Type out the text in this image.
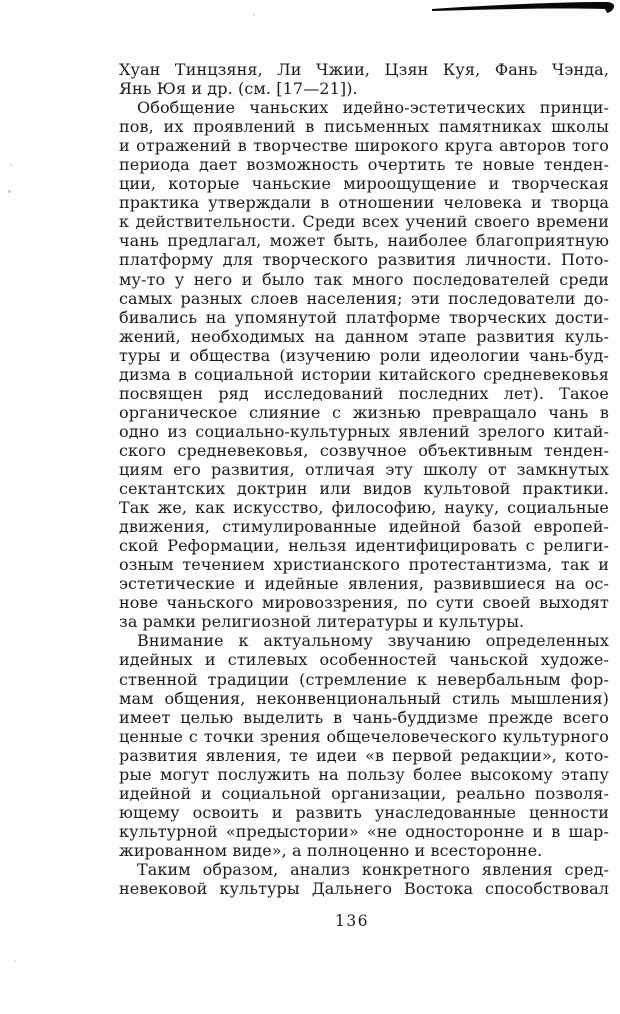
Хуан Тинцзяня, Ли Чжии, Цзян Куя, Фань Чэнда,
Янь Юя и др. (см. [17—21]).
Обобщение чаньских идейно-эстетических принци-
пов, их проявлений в письменных памятниках школы
и отражений в творчестве широкого круга авторов того
периода дает возможность очертить те новые тенден-
ции, которые чаньские мироощущение и творческая
практика утверждали в отношении человека и творца
к действительности. Среди всех учений своего времени
чань предлагал, может быть, наиболее благоприятную
платформу для творческого развития личности. Пото-
му-то у него и было так много последователей среди
самых разных слоев населения; эти последователи до-
бивались на упомянутой платформе творческих дости-
жений, необходимых на данном этапе развития куль-
туры и общества (изучению роли идеологии чань-буд-
дизма в социальной истории китайского средневековья
посвящен ряд исследований последних лет). Такое
органическое слияние с жизнью превращало чань в
одно из социально-культурных явлений зрелого китай-
ского средневековья, созвучное объективным тенден-
циям его развития, отличая эту школу от замкнутых
сектантских доктрин или видов культовой практики.
Так же, как искусство, философию, науку, социальные
движения, стимулированные идейной базой европей-
ской Реформации, нельзя идентифицировать с религи-
озным течением христианского протестантизма, так и
эстетические и идейные явления, развившиеся на ос-
нове чаньского мировоззрения, по сути своей выходят
за рамки религиозной литературы и культуры.
Внимание к актуальному звучанию определенных
идейных и стилевых особенностей чаньской художе-
ственной традиции (стремление к невербальным фор-
мам общения, неконвенциональный стиль мышления)
имеет целью выделить в чань-буддизме прежде всего
ценные с точки зрения общечеловеческого культурного
развития явления, те идеи «в первой редакции», кото-
рые могут послужить на пользу более высокому этапу
идейной и социальной организации, реально позволя-
ющему освоить и развить унаследованные ценности
культурной «предыстории» «не односторонне и в шар-
жированном виде», а полноценно и всесторонне.
Таким образом, анализ конкретного явления сред-
невековой культуры Дальнего Востока способствовал
136
